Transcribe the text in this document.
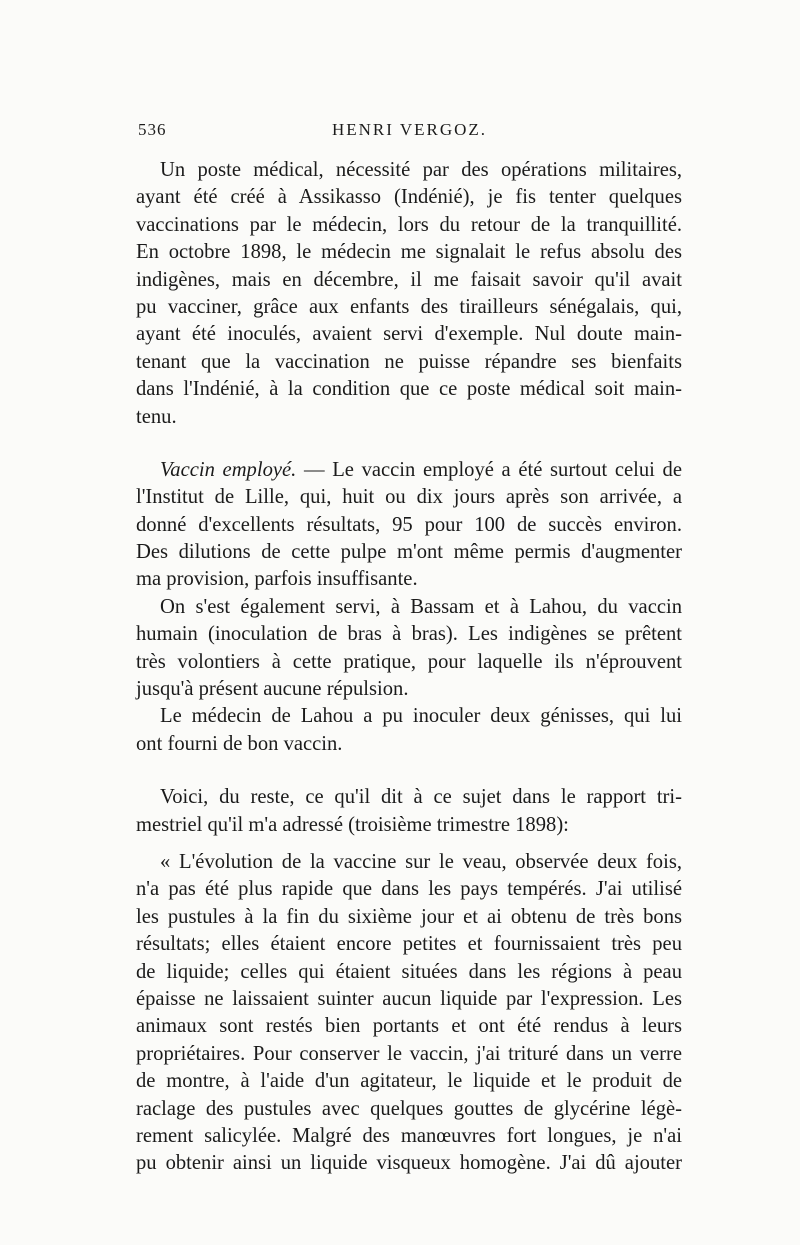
536	HENRI VERGOZ.
Un poste médical, nécessité par des opérations militaires,
ayant été créé à Assikasso (Indénié), je fis tenter quelques
vaccinations par le médecin, lors du retour de la tranquillité.
En octobre 1898, le médecin me signalait le refus absolu des
indigènes, mais en décembre, il me faisait savoir qu'il avait
pu vacciner, grâce aux enfants des tirailleurs sénégalais, qui,
ayant été inoculés, avaient servi d'exemple. Nul doute main-
tenant que la vaccination ne puisse répandre ses bienfaits
dans l'Indénié, à la condition que ce poste médical soit main-
tenu.
Vaccin employé. — Le vaccin employé a été surtout celui de
l'Institut de Lille, qui, huit ou dix jours après son arrivée, a
donné d'excellents résultats, 95 pour 100 de succès environ.
Des dilutions de cette pulpe m'ont même permis d'augmenter
ma provision, parfois insuffisante.
On s'est également servi, à Bassam et à Lahou, du vaccin
humain (inoculation de bras à bras). Les indigènes se prêtent
très volontiers à cette pratique, pour laquelle ils n'éprouvent
jusqu'à présent aucune répulsion.
Le médecin de Lahou a pu inoculer deux génisses, qui lui
ont fourni de bon vaccin.
Voici, du reste, ce qu'il dit à ce sujet dans le rapport tri-
mestriel qu'il m'a adressé (troisième trimestre 1898):
« L'évolution de la vaccine sur le veau, observée deux fois,
n'a pas été plus rapide que dans les pays tempérés. J'ai utilisé
les pustules à la fin du sixième jour et ai obtenu de très bons
résultats; elles étaient encore petites et fournissaient très peu
de liquide; celles qui étaient situées dans les régions à peau
épaisse ne laissaient suinter aucun liquide par l'expression. Les
animaux sont restés bien portants et ont été rendus à leurs
propriétaires. Pour conserver le vaccin, j'ai trituré dans un verre
de montre, à l'aide d'un agitateur, le liquide et le produit de
raclage des pustules avec quelques gouttes de glycérine légè-
rement salicylée. Malgré des manœuvres fort longues, je n'ai
pu obtenir ainsi un liquide visqueux homogène. J'ai dû ajouter
